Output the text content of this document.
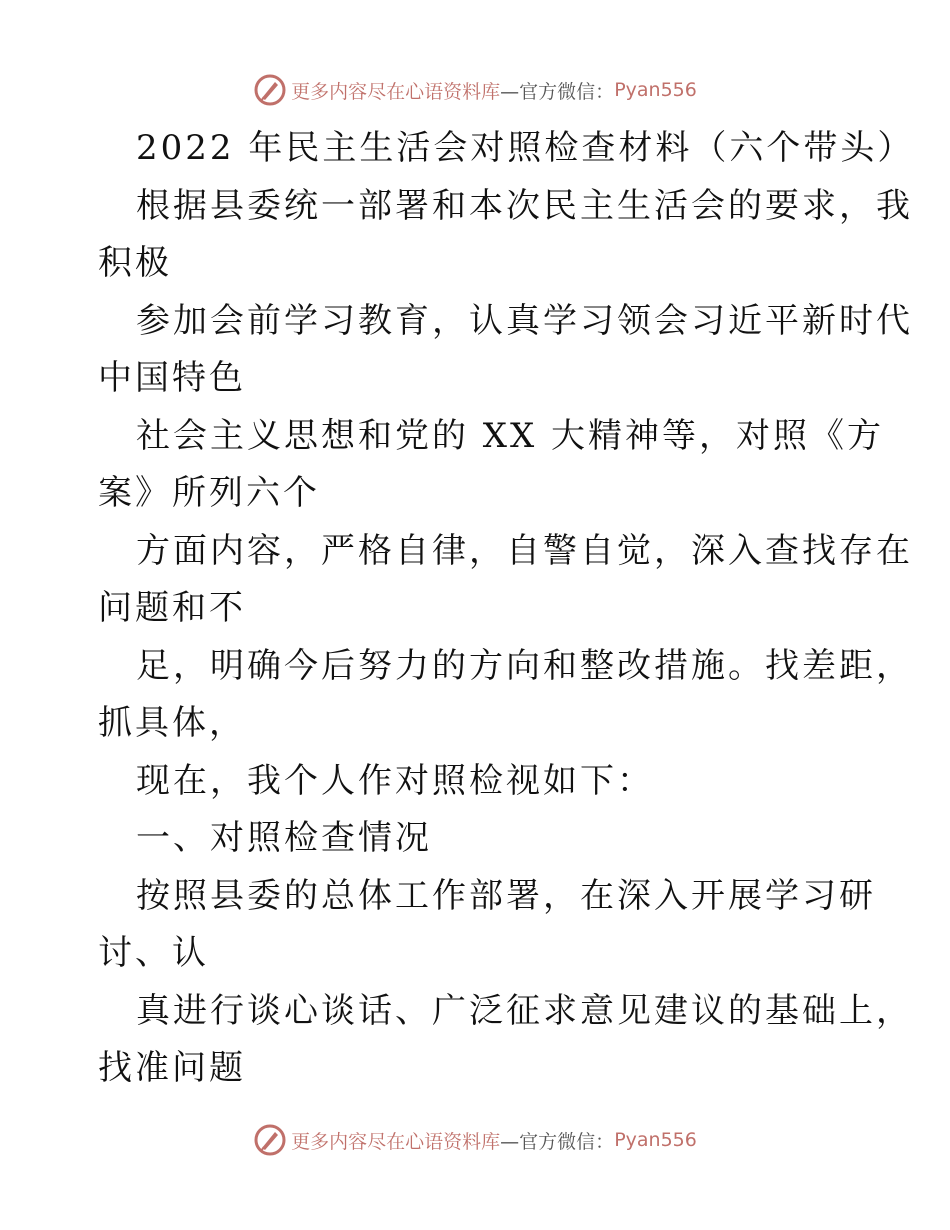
更多内容尽在心语资料库 —官方微信： Pyan556
2022 年民主生活会对照检查材料（六个带头）
根据县委统一部署和本次民主生活会的要求，我
积极
参加会前学习教育，认真学习领会习近平新时代
中国特色
社会主义思想和党的 XX 大精神等，对照《方
案》所列六个
方面内容，严格自律，自警自觉，深入查找存在
问题和不
足，明确今后努力的方向和整改措施。找差距，
抓具体，
现在，我个人作对照检视如下：
一、对照检查情况
按照县委的总体工作部署，在深入开展学习研
讨、认
真进行谈心谈话、广泛征求意见建议的基础上，
找准问题
更多内容尽在心语资料库 —官方微信： Pyan556
